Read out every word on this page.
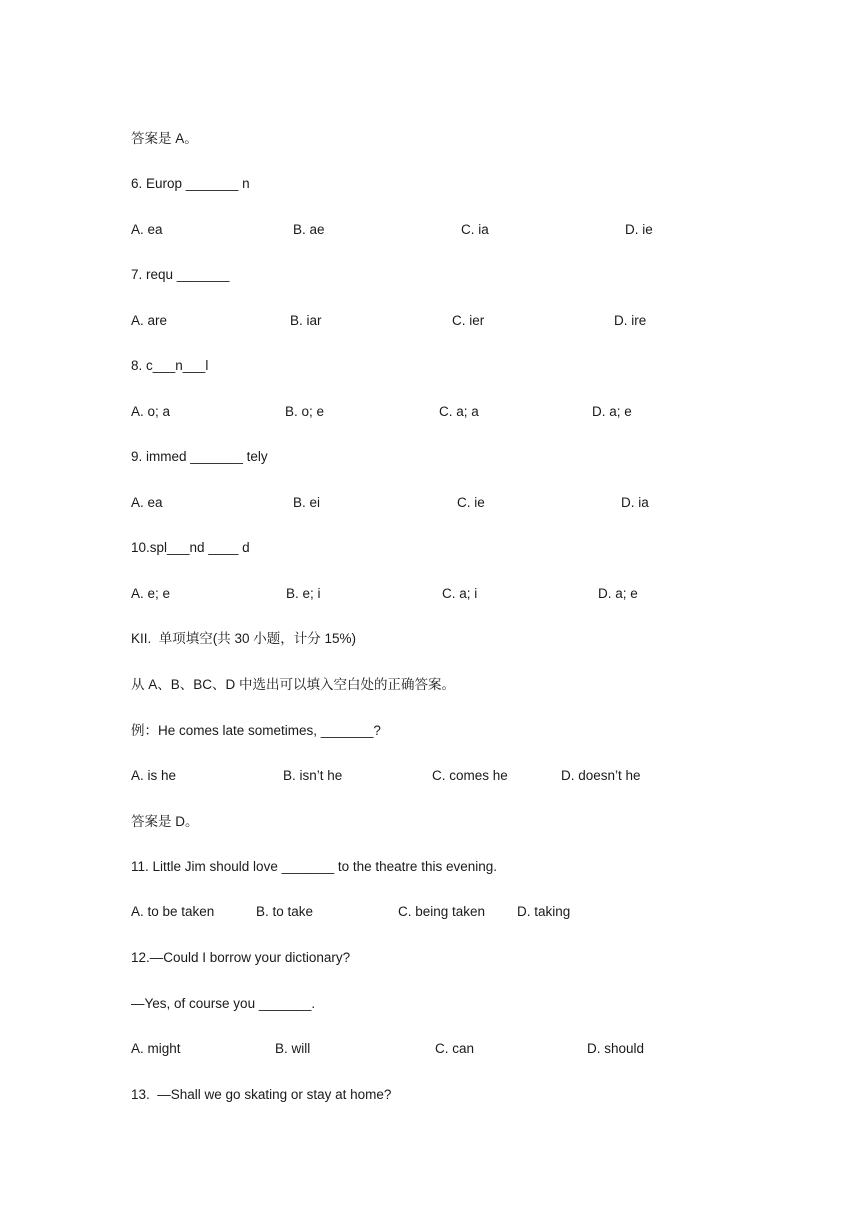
答案是 A。
6. Europ _______ n

A. ea

	B. ae

	C. ia

	D. ie

7. requ _______

A. are

	B. iar

	C. ier

	D. ire

8. c___n___l

A. o; a

	B. o; e

	C. a; a

	D. a; e

9. immed _______ tely

A. ea

	B. ei

	C. ie

	D. ia

10.spl___nd ____ d

A. e; e

	B. e; i

	C. a; i

	D. a; e

KII.  单项填空(共 30 小题，计分 15%)
从 A、B、BC、D 中选出可以填入空白处的正确答案。
例：He comes late sometimes, _______?

A. is he

	B. isn’t he

	C. comes he

	D. doesn’t he

答案是 D。
11. Little Jim should love _______ to the theatre this evening.

A. to be taken

	B. to take

	C. being taken

D. taking

12.—Could I borrow your dictionary?
—Yes, of course you _______.

A. might

	B. will

	C. can

	D. should

13.  —Shall we go skating or stay at home?
